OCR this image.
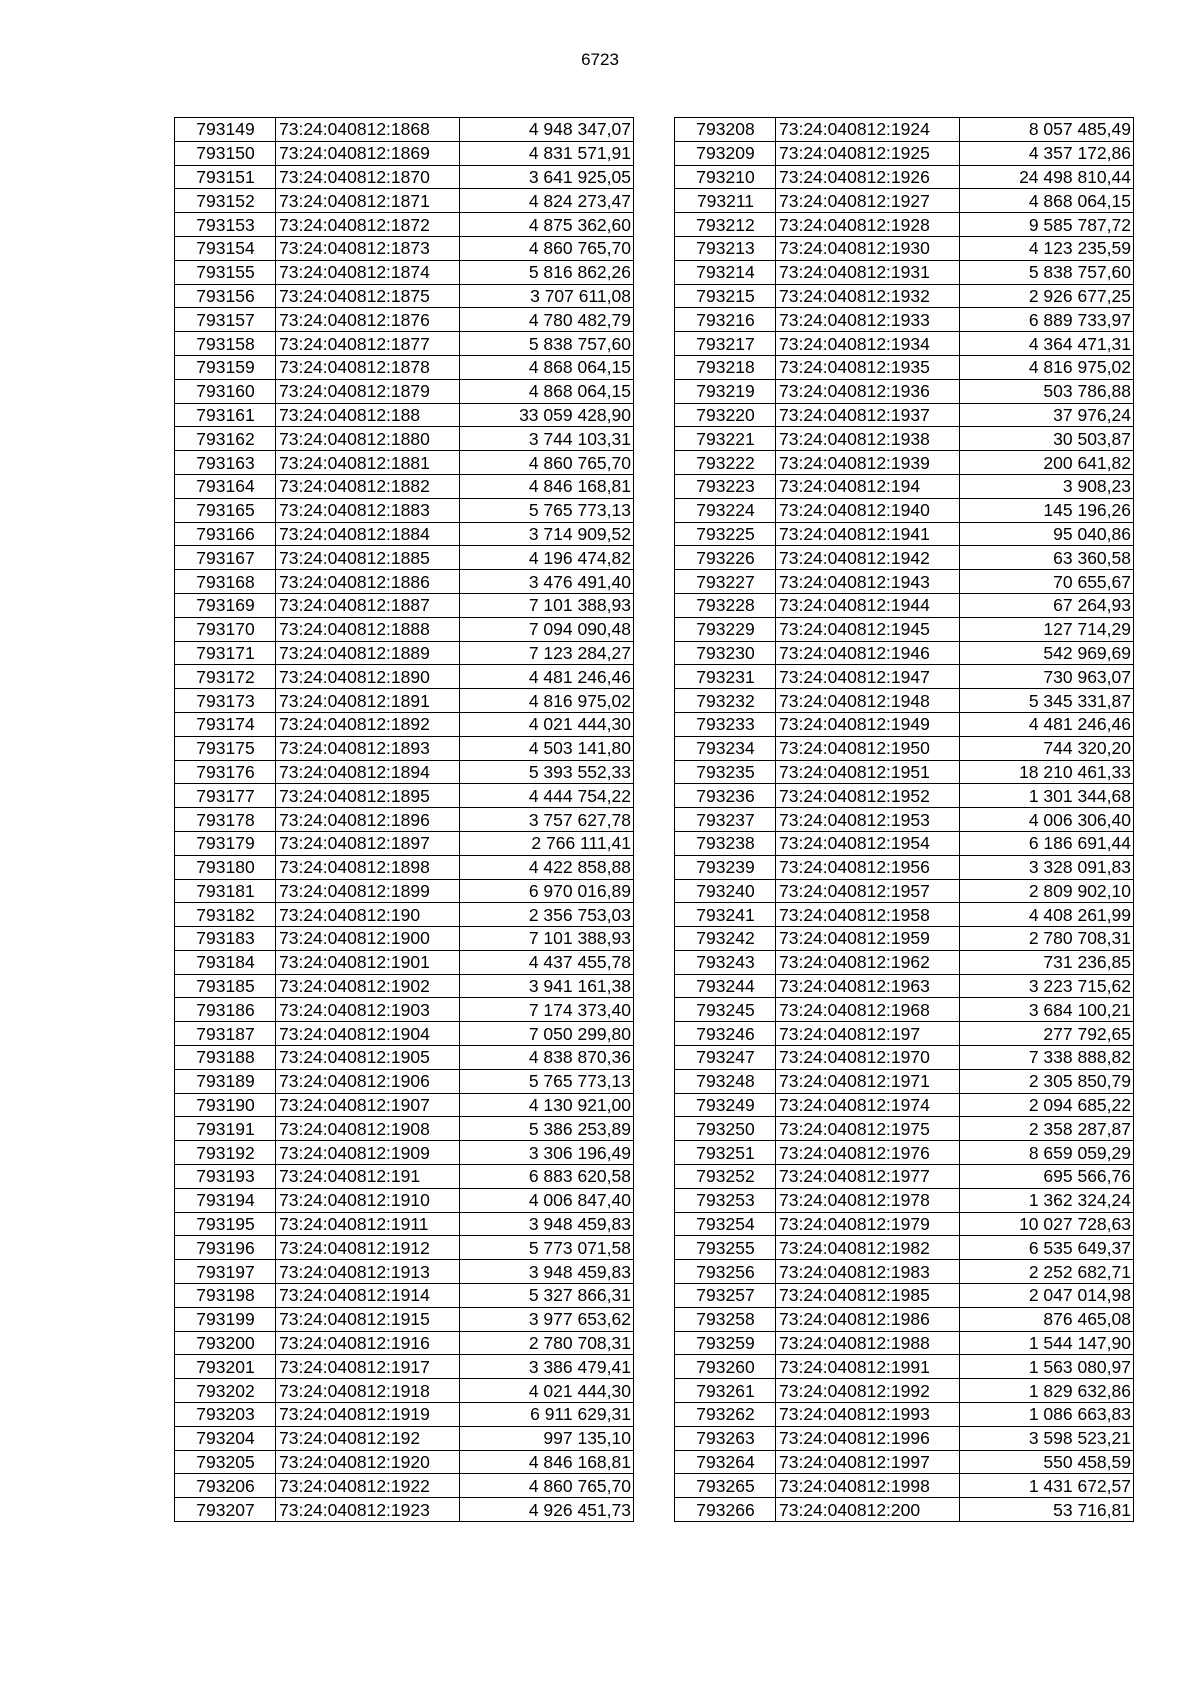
6723
793149	73:24:040812:1868	4 948 347,07
793150	73:24:040812:1869	4 831 571,91
793151	73:24:040812:1870	3 641 925,05
793152	73:24:040812:1871	4 824 273,47
793153	73:24:040812:1872	4 875 362,60
793154	73:24:040812:1873	4 860 765,70
793155	73:24:040812:1874	5 816 862,26
793156	73:24:040812:1875	3 707 611,08
793157	73:24:040812:1876	4 780 482,79
793158	73:24:040812:1877	5 838 757,60
793159	73:24:040812:1878	4 868 064,15
793160	73:24:040812:1879	4 868 064,15
793161	73:24:040812:188	33 059 428,90
793162	73:24:040812:1880	3 744 103,31
793163	73:24:040812:1881	4 860 765,70
793164	73:24:040812:1882	4 846 168,81
793165	73:24:040812:1883	5 765 773,13
793166	73:24:040812:1884	3 714 909,52
793167	73:24:040812:1885	4 196 474,82
793168	73:24:040812:1886	3 476 491,40
793169	73:24:040812:1887	7 101 388,93
793170	73:24:040812:1888	7 094 090,48
793171	73:24:040812:1889	7 123 284,27
793172	73:24:040812:1890	4 481 246,46
793173	73:24:040812:1891	4 816 975,02
793174	73:24:040812:1892	4 021 444,30
793175	73:24:040812:1893	4 503 141,80
793176	73:24:040812:1894	5 393 552,33
793177	73:24:040812:1895	4 444 754,22
793178	73:24:040812:1896	3 757 627,78
793179	73:24:040812:1897	2 766 111,41
793180	73:24:040812:1898	4 422 858,88
793181	73:24:040812:1899	6 970 016,89
793182	73:24:040812:190	2 356 753,03
793183	73:24:040812:1900	7 101 388,93
793184	73:24:040812:1901	4 437 455,78
793185	73:24:040812:1902	3 941 161,38
793186	73:24:040812:1903	7 174 373,40
793187	73:24:040812:1904	7 050 299,80
793188	73:24:040812:1905	4 838 870,36
793189	73:24:040812:1906	5 765 773,13
793190	73:24:040812:1907	4 130 921,00
793191	73:24:040812:1908	5 386 253,89
793192	73:24:040812:1909	3 306 196,49
793193	73:24:040812:191	6 883 620,58
793194	73:24:040812:1910	4 006 847,40
793195	73:24:040812:1911	3 948 459,83
793196	73:24:040812:1912	5 773 071,58
793197	73:24:040812:1913	3 948 459,83
793198	73:24:040812:1914	5 327 866,31
793199	73:24:040812:1915	3 977 653,62
793200	73:24:040812:1916	2 780 708,31
793201	73:24:040812:1917	3 386 479,41
793202	73:24:040812:1918	4 021 444,30
793203	73:24:040812:1919	6 911 629,31
793204	73:24:040812:192	997 135,10
793205	73:24:040812:1920	4 846 168,81
793206	73:24:040812:1922	4 860 765,70
793207	73:24:040812:1923	4 926 451,73
793208	73:24:040812:1924	8 057 485,49
793209	73:24:040812:1925	4 357 172,86
793210	73:24:040812:1926	24 498 810,44
793211	73:24:040812:1927	4 868 064,15
793212	73:24:040812:1928	9 585 787,72
793213	73:24:040812:1930	4 123 235,59
793214	73:24:040812:1931	5 838 757,60
793215	73:24:040812:1932	2 926 677,25
793216	73:24:040812:1933	6 889 733,97
793217	73:24:040812:1934	4 364 471,31
793218	73:24:040812:1935	4 816 975,02
793219	73:24:040812:1936	503 786,88
793220	73:24:040812:1937	37 976,24
793221	73:24:040812:1938	30 503,87
793222	73:24:040812:1939	200 641,82
793223	73:24:040812:194	3 908,23
793224	73:24:040812:1940	145 196,26
793225	73:24:040812:1941	95 040,86
793226	73:24:040812:1942	63 360,58
793227	73:24:040812:1943	70 655,67
793228	73:24:040812:1944	67 264,93
793229	73:24:040812:1945	127 714,29
793230	73:24:040812:1946	542 969,69
793231	73:24:040812:1947	730 963,07
793232	73:24:040812:1948	5 345 331,87
793233	73:24:040812:1949	4 481 246,46
793234	73:24:040812:1950	744 320,20
793235	73:24:040812:1951	18 210 461,33
793236	73:24:040812:1952	1 301 344,68
793237	73:24:040812:1953	4 006 306,40
793238	73:24:040812:1954	6 186 691,44
793239	73:24:040812:1956	3 328 091,83
793240	73:24:040812:1957	2 809 902,10
793241	73:24:040812:1958	4 408 261,99
793242	73:24:040812:1959	2 780 708,31
793243	73:24:040812:1962	731 236,85
793244	73:24:040812:1963	3 223 715,62
793245	73:24:040812:1968	3 684 100,21
793246	73:24:040812:197	277 792,65
793247	73:24:040812:1970	7 338 888,82
793248	73:24:040812:1971	2 305 850,79
793249	73:24:040812:1974	2 094 685,22
793250	73:24:040812:1975	2 358 287,87
793251	73:24:040812:1976	8 659 059,29
793252	73:24:040812:1977	695 566,76
793253	73:24:040812:1978	1 362 324,24
793254	73:24:040812:1979	10 027 728,63
793255	73:24:040812:1982	6 535 649,37
793256	73:24:040812:1983	2 252 682,71
793257	73:24:040812:1985	2 047 014,98
793258	73:24:040812:1986	876 465,08
793259	73:24:040812:1988	1 544 147,90
793260	73:24:040812:1991	1 563 080,97
793261	73:24:040812:1992	1 829 632,86
793262	73:24:040812:1993	1 086 663,83
793263	73:24:040812:1996	3 598 523,21
793264	73:24:040812:1997	550 458,59
793265	73:24:040812:1998	1 431 672,57
793266	73:24:040812:200	53 716,81
